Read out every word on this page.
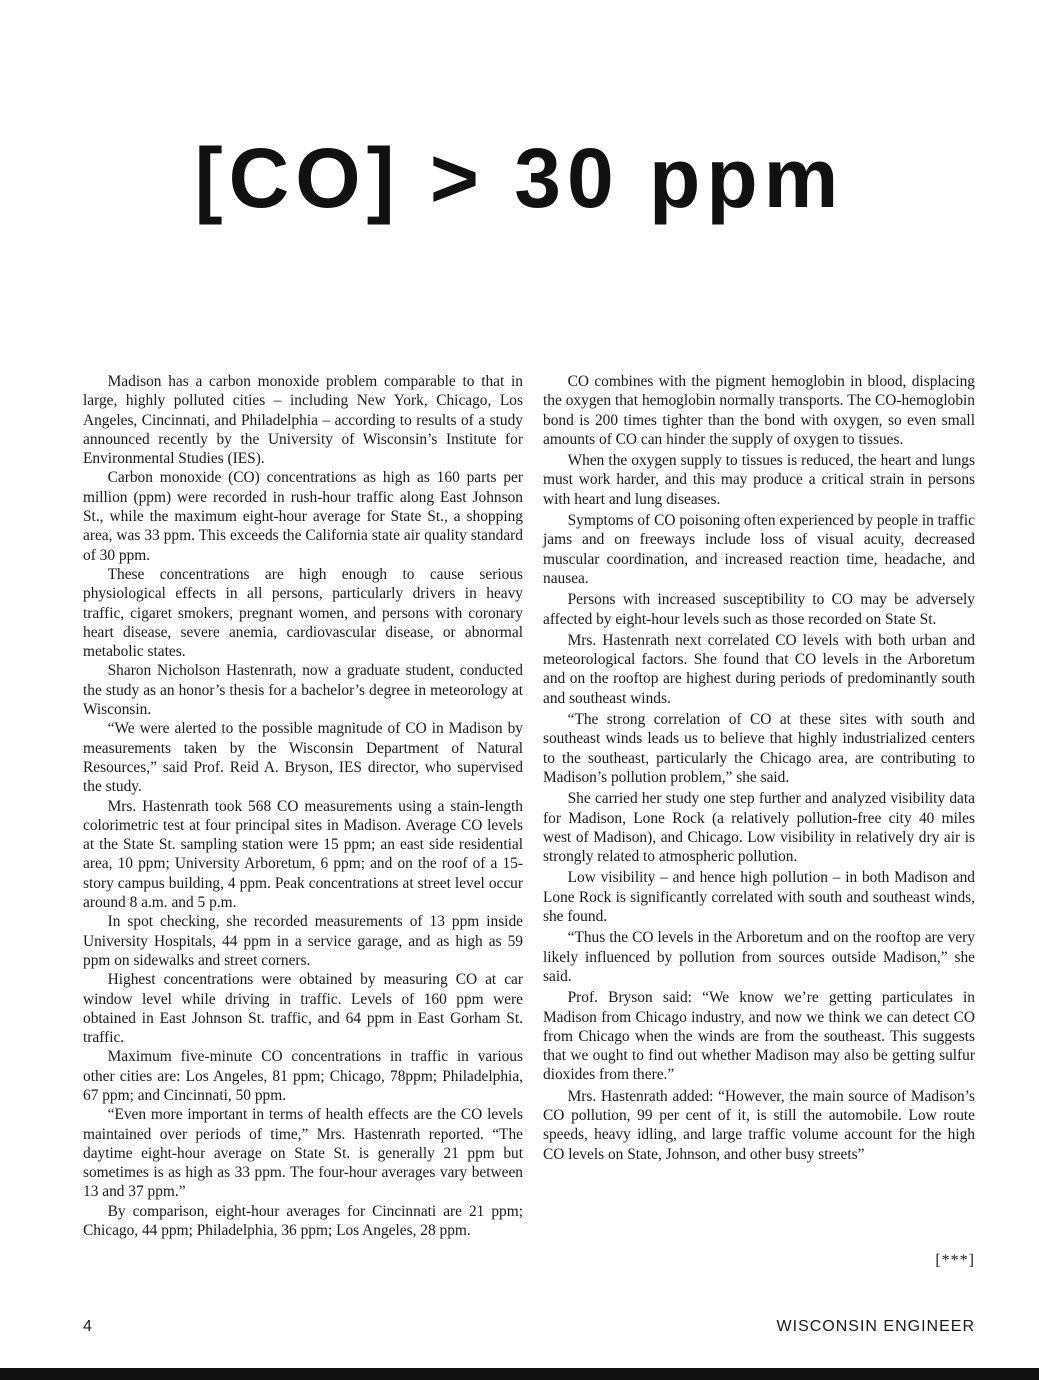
[CO] > 30 ppm

Madison has a carbon monoxide problem comparable to that in large, highly polluted cities – including New York, Chicago, Los Angeles, Cincinnati, and Philadelphia – according to results of a study announced recently by the University of Wisconsin’s Institute for Environmental Studies (IES).

Carbon monoxide (CO) concentrations as high as 160 parts per million (ppm) were recorded in rush-hour traffic along East Johnson St., while the maximum eight-hour average for State St., a shopping area, was 33 ppm. This exceeds the California state air quality standard of 30 ppm.

These concentrations are high enough to cause serious physiological effects in all persons, particularly drivers in heavy traffic, cigaret smokers, pregnant women, and persons with coronary heart disease, severe anemia, cardiovascular disease, or abnormal metabolic states.

Sharon Nicholson Hastenrath, now a graduate student, conducted the study as an honor’s thesis for a bachelor’s degree in meteorology at Wisconsin.

“We were alerted to the possible magnitude of CO in Madison by measurements taken by the Wisconsin Department of Natural Resources,” said Prof. Reid A. Bryson, IES director, who supervised the study.

Mrs. Hastenrath took 568 CO measurements using a stain-length colorimetric test at four principal sites in Madison. Average CO levels at the State St. sampling station were 15 ppm; an east side residential area, 10 ppm; University Arboretum, 6 ppm; and on the roof of a 15-story campus building, 4 ppm. Peak concentrations at street level occur around 8 a.m. and 5 p.m.

In spot checking, she recorded measurements of 13 ppm inside University Hospitals, 44 ppm in a service garage, and as high as 59 ppm on sidewalks and street corners.

Highest concentrations were obtained by measuring CO at car window level while driving in traffic. Levels of 160 ppm were obtained in East Johnson St. traffic, and 64 ppm in East Gorham St. traffic.

Maximum five-minute CO concentrations in traffic in various other cities are: Los Angeles, 81 ppm; Chicago, 78ppm; Philadelphia, 67 ppm; and Cincinnati, 50 ppm.

“Even more important in terms of health effects are the CO levels maintained over periods of time,” Mrs. Hastenrath reported. “The daytime eight-hour average on State St. is generally 21 ppm but sometimes is as high as 33 ppm. The four-hour averages vary between 13 and 37 ppm.”

By comparison, eight-hour averages for Cincinnati are 21 ppm; Chicago, 44 ppm; Philadelphia, 36 ppm; Los Angeles, 28 ppm.

CO combines with the pigment hemoglobin in blood, displacing the oxygen that hemoglobin normally transports. The CO-hemoglobin bond is 200 times tighter than the bond with oxygen, so even small amounts of CO can hinder the supply of oxygen to tissues.

When the oxygen supply to tissues is reduced, the heart and lungs must work harder, and this may produce a critical strain in persons with heart and lung diseases.

Symptoms of CO poisoning often experienced by people in traffic jams and on freeways include loss of visual acuity, decreased muscular coordination, and increased reaction time, headache, and nausea.

Persons with increased susceptibility to CO may be adversely affected by eight-hour levels such as those recorded on State St.

Mrs. Hastenrath next correlated CO levels with both urban and meteorological factors. She found that CO levels in the Arboretum and on the rooftop are highest during periods of predominantly south and southeast winds.

“The strong correlation of CO at these sites with south and southeast winds leads us to believe that highly industrialized centers to the southeast, particularly the Chicago area, are contributing to Madison’s pollution problem,” she said.

She carried her study one step further and analyzed visibility data for Madison, Lone Rock (a relatively pollution-free city 40 miles west of Madison), and Chicago. Low visibility in relatively dry air is strongly related to atmospheric pollution.

Low visibility – and hence high pollution – in both Madison and Lone Rock is significantly correlated with south and southeast winds, she found.

“Thus the CO levels in the Arboretum and on the rooftop are very likely influenced by pollution from sources outside Madison,” she said.

Prof. Bryson said: “We know we’re getting particulates in Madison from Chicago industry, and now we think we can detect CO from Chicago when the winds are from the southeast. This suggests that we ought to find out whether Madison may also be getting sulfur dioxides from there.”

Mrs. Hastenrath added: “However, the main source of Madison’s CO pollution, 99 per cent of it, is still the automobile. Low route speeds, heavy idling, and large traffic volume account for the high CO levels on State, Johnson, and other busy streets”

[***]
4	WISCONSIN ENGINEER
